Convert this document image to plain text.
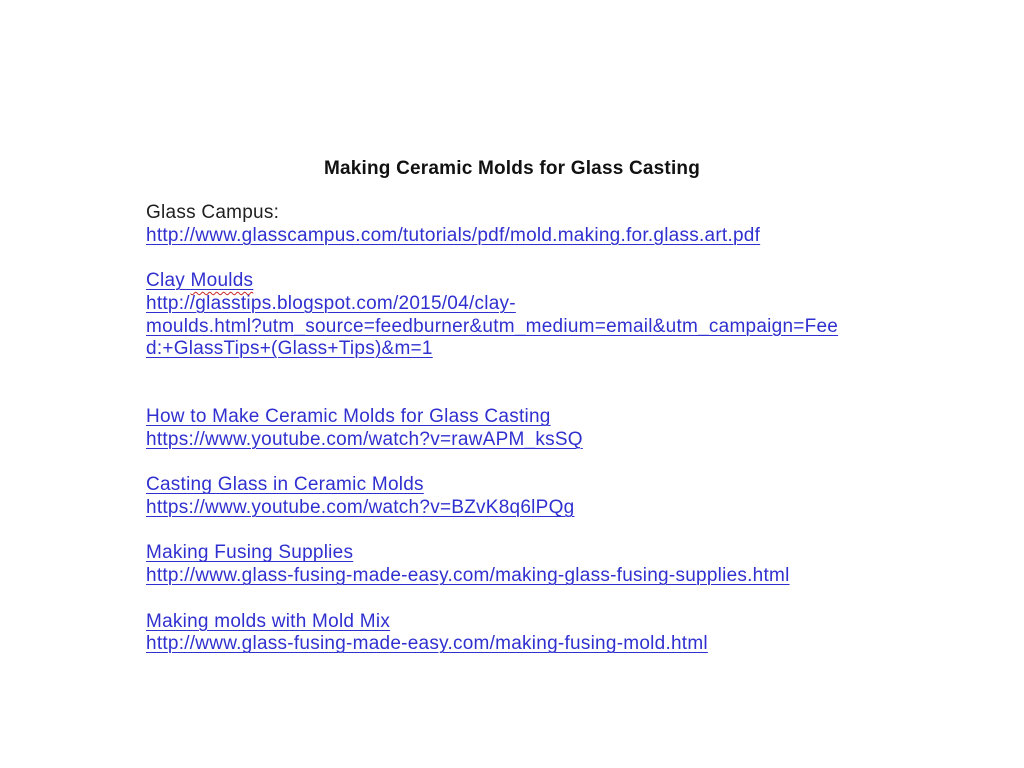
Making Ceramic Molds for Glass Casting
Glass Campus:
http://www.glasscampus.com/tutorials/pdf/mold.making.for.glass.art.pdf
Clay Moulds
http://glasstips.blogspot.com/2015/04/clay-
moulds.html?utm_source=feedburner&utm_medium=email&utm_campaign=Fee
d:+GlassTips+(Glass+Tips)&m=1
How to Make Ceramic Molds for Glass Casting
https://www.youtube.com/watch?v=rawAPM_ksSQ
Casting Glass in Ceramic Molds
https://www.youtube.com/watch?v=BZvK8q6lPQg
Making Fusing Supplies
http://www.glass-fusing-made-easy.com/making-glass-fusing-supplies.html
Making molds with Mold Mix
http://www.glass-fusing-made-easy.com/making-fusing-mold.html
